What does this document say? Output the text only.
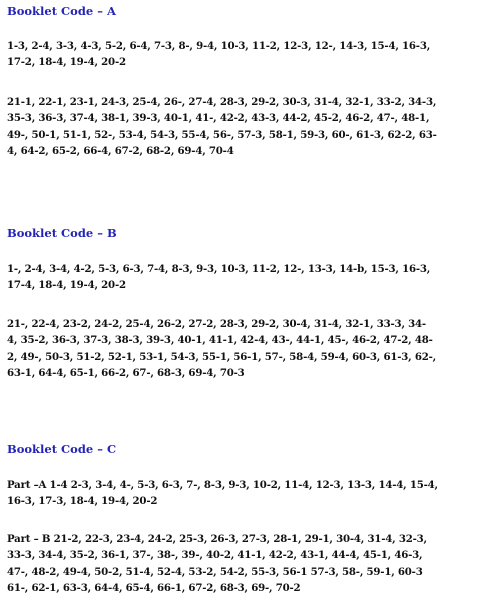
Booklet Code – A

1-3, 2-4, 3-3, 4-3, 5-2, 6-4, 7-3, 8-, 9-4, 10-3, 11-2, 12-3, 12-, 14-3, 15-4, 16-3,

17-2, 18-4, 19-4, 20-2

21-1, 22-1, 23-1, 24-3, 25-4, 26-, 27-4, 28-3, 29-2, 30-3, 31-4, 32-1, 33-2, 34-3,

35-3, 36-3, 37-4, 38-1, 39-3, 40-1, 41-, 42-2, 43-3, 44-2, 45-2, 46-2, 47-, 48-1,

49-, 50-1, 51-1, 52-, 53-4, 54-3, 55-4, 56-, 57-3, 58-1, 59-3, 60-, 61-3, 62-2, 63-

4, 64-2, 65-2, 66-4, 67-2, 68-2, 69-4, 70-4

Booklet Code – B

1-, 2-4, 3-4, 4-2, 5-3, 6-3, 7-4, 8-3, 9-3, 10-3, 11-2, 12-, 13-3, 14-b, 15-3, 16-3,

17-4, 18-4, 19-4, 20-2

21-, 22-4, 23-2, 24-2, 25-4, 26-2, 27-2, 28-3, 29-2, 30-4, 31-4, 32-1, 33-3, 34-

4, 35-2, 36-3, 37-3, 38-3, 39-3, 40-1, 41-1, 42-4, 43-, 44-1, 45-, 46-2, 47-2, 48-

2, 49-, 50-3, 51-2, 52-1, 53-1, 54-3, 55-1, 56-1, 57-, 58-4, 59-4, 60-3, 61-3, 62-,

63-1, 64-4, 65-1, 66-2, 67-, 68-3, 69-4, 70-3

Booklet Code – C

Part –A 1-4 2-3, 3-4, 4-, 5-3, 6-3, 7-, 8-3, 9-3, 10-2, 11-4, 12-3, 13-3, 14-4, 15-4,

16-3, 17-3, 18-4, 19-4, 20-2

Part – B 21-2, 22-3, 23-4, 24-2, 25-3, 26-3, 27-3, 28-1, 29-1, 30-4, 31-4, 32-3,

33-3, 34-4, 35-2, 36-1, 37-, 38-, 39-, 40-2, 41-1, 42-2, 43-1, 44-4, 45-1, 46-3,

47-, 48-2, 49-4, 50-2, 51-4, 52-4, 53-2, 54-2, 55-3, 56-1 57-3, 58-, 59-1, 60-3

61-, 62-1, 63-3, 64-4, 65-4, 66-1, 67-2, 68-3, 69-, 70-2
